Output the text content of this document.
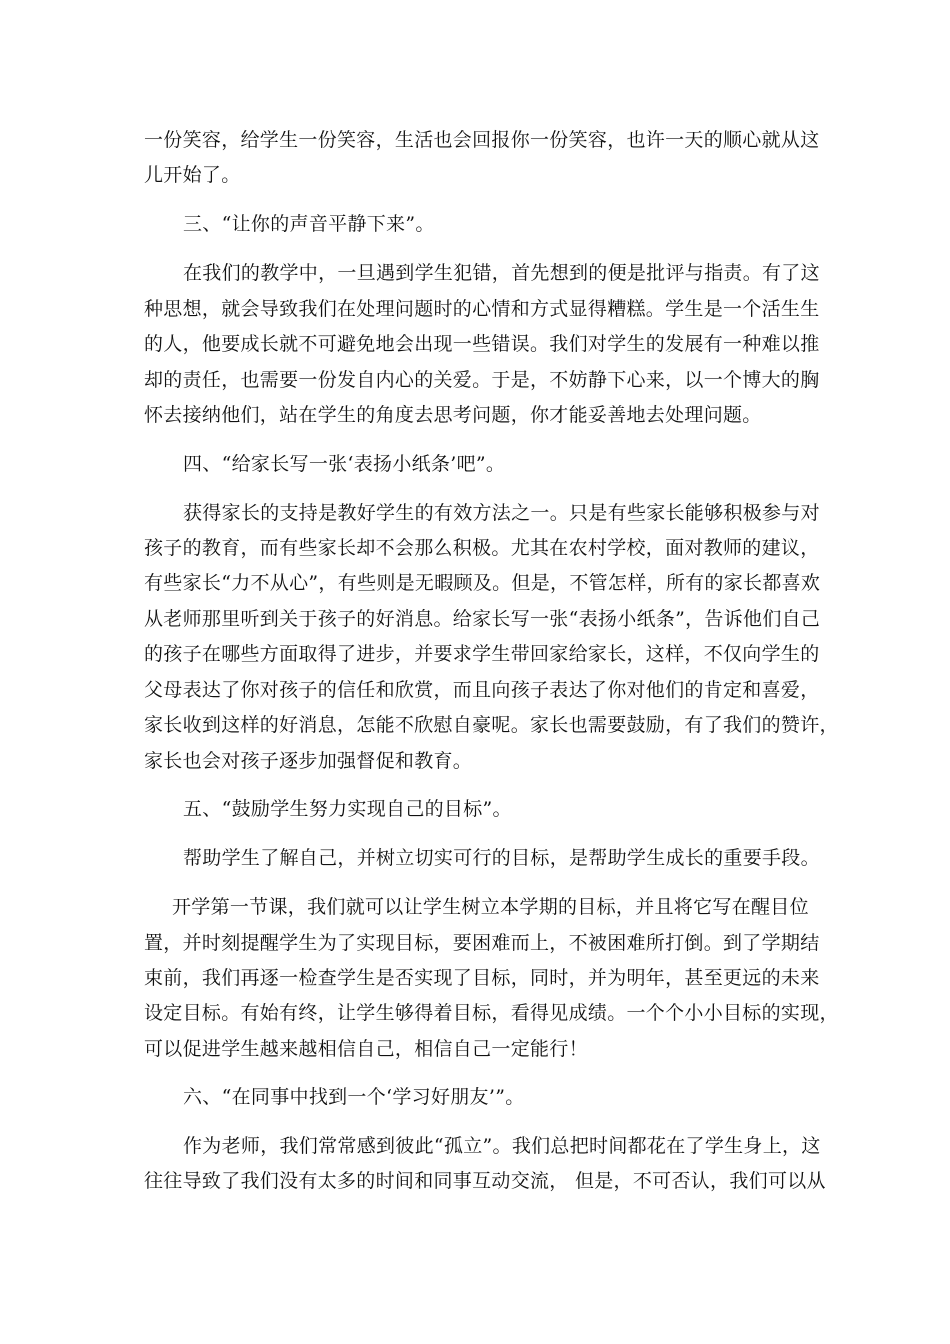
一份笑容，给学生一份笑容，生活也会回报你一份笑容，也许一天的顺心就从这
儿开始了。
三、“让你的声音平静下来”。
在我们的教学中，一旦遇到学生犯错，首先想到的便是批评与指责。有了这
种思想，就会导致我们在处理问题时的心情和方式显得糟糕。学生是一个活生生
的人，他要成长就不可避免地会出现一些错误。我们对学生的发展有一种难以推
却的责任，也需要一份发自内心的关爱。于是，不妨静下心来，以一个博大的胸
怀去接纳他们，站在学生的角度去思考问题，你才能妥善地去处理问题。
四、“给家长写一张‘表扬小纸条’吧”。
获得家长的支持是教好学生的有效方法之一。只是有些家长能够积极参与对
孩子的教育，而有些家长却不会那么积极。尤其在农村学校，面对教师的建议，
有些家长“力不从心”，有些则是无暇顾及。但是，不管怎样，所有的家长都喜欢
从老师那里听到关于孩子的好消息。给家长写一张“表扬小纸条”，告诉他们自己
的孩子在哪些方面取得了进步，并要求学生带回家给家长，这样，不仅向学生的
父母表达了你对孩子的信任和欣赏，而且向孩子表达了你对他们的肯定和喜爱，
家长收到这样的好消息，怎能不欣慰自豪呢。家长也需要鼓励，有了我们的赞许，
家长也会对孩子逐步加强督促和教育。
五、“鼓励学生努力实现自己的目标”。
帮助学生了解自己，并树立切实可行的目标，是帮助学生成长的重要手段。
开学第一节课，我们就可以让学生树立本学期的目标，并且将它写在醒目位
置，并时刻提醒学生为了实现目标，要困难而上，不被困难所打倒。到了学期结
束前，我们再逐一检查学生是否实现了目标，同时，并为明年，甚至更远的未来
设定目标。有始有终，让学生够得着目标，看得见成绩。一个个小小目标的实现，
可以促进学生越来越相信自己，相信自己一定能行！
六、“在同事中找到一个‘学习好朋友’”。
作为老师，我们常常感到彼此“孤立”。我们总把时间都花在了学生身上，这
往往导致了我们没有太多的时间和同事互动交流， 但是，不可否认，我们可以从
